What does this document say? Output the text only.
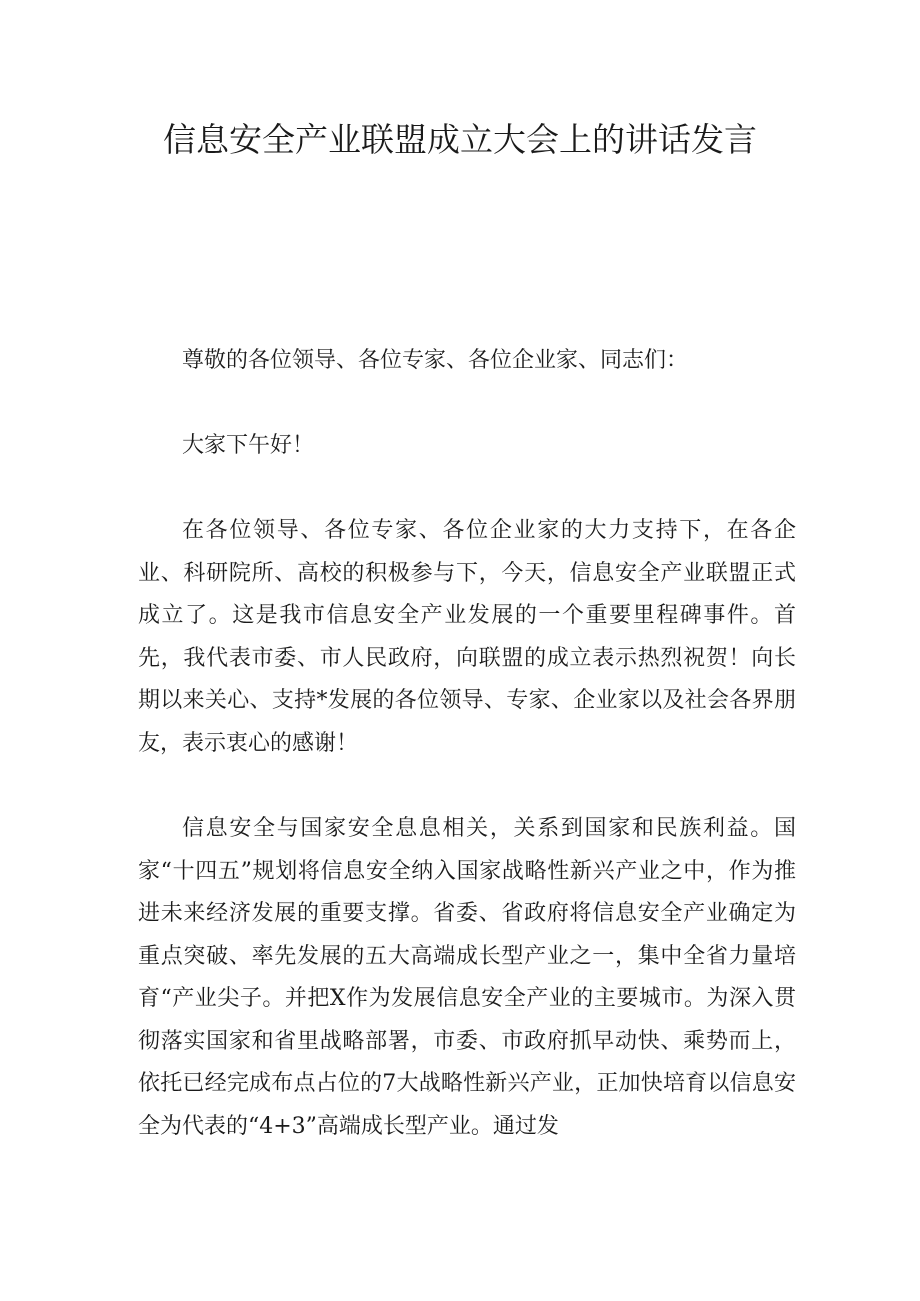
信息安全产业联盟成立大会上的讲话发言

尊敬的各位领导、各位专家、各位企业家、同志们：

大家下午好！

在各位领导、各位专家、各位企业家的大力支持下，在各企业、科研院所、高校的积极参与下，今天，信息安全产业联盟正式成立了。这是我市信息安全产业发展的一个重要里程碑事件。首先，我代表市委、市人民政府，向联盟的成立表示热烈祝贺！向长期以来关心、支持*发展的各位领导、专家、企业家以及社会各界朋友，表示衷心的感谢！

信息安全与国家安全息息相关，关系到国家和民族利益。国家“十四五”规划将信息安全纳入国家战略性新兴产业之中，作为推进未来经济发展的重要支撑。省委、省政府将信息安全产业确定为重点突破、率先发展的五大高端成长型产业之一，集中全省力量培育“产业尖子。并把X作为发展信息安全产业的主要城市。为深入贯彻落实国家和省里战略部署，市委、市政府抓早动快、乘势而上，依托已经完成布点占位的7大战略性新兴产业，正加快培育以信息安全为代表的“4+3”高端成长型产业。通过发
